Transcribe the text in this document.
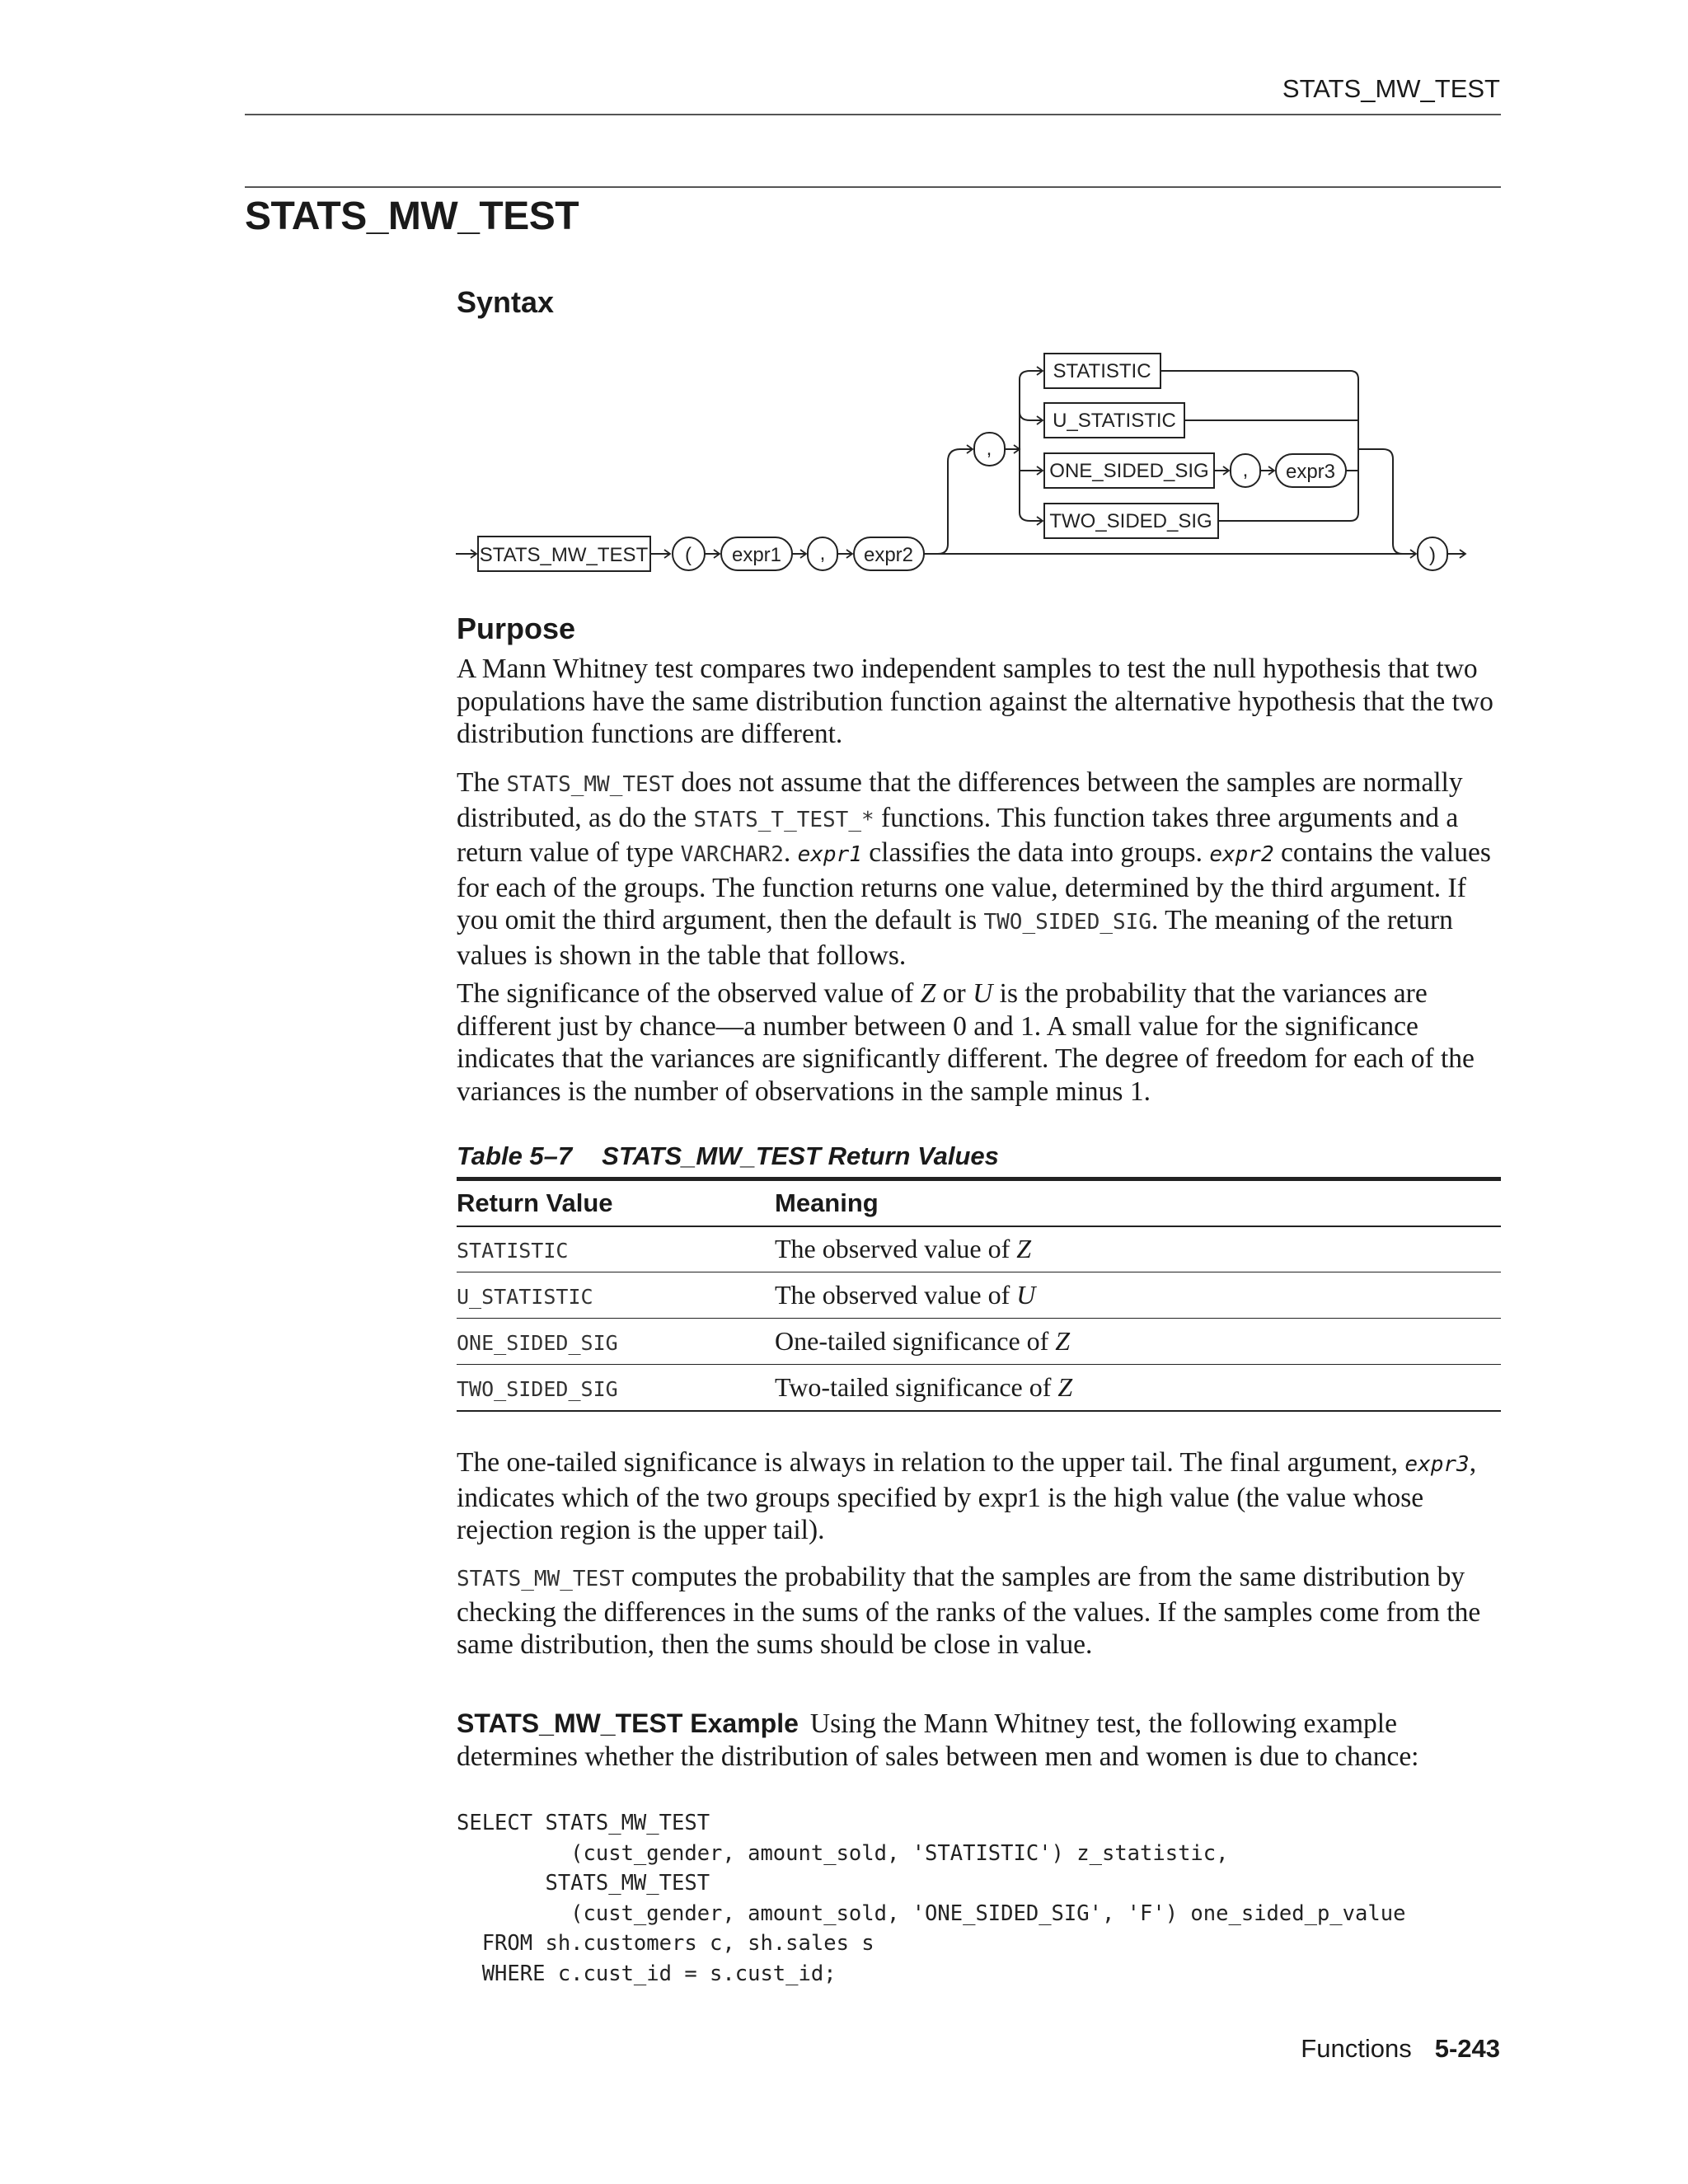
STATS_MW_TEST
STATS_MW_TEST
Syntax
STATS_MW_TEST ( expr1 , expr2
,
STATISTIC
U_STATISTIC
ONE_SIDED_SIG
TWO_SIDED_SIG
, expr3
)
Purpose

A Mann Whitney test compares two independent samples to test the null hypothesis that two populations have the same distribution function against the alternative hypothesis that the two distribution functions are different.

The STATS_MW_TEST does not assume that the differences between the samples are normally distributed, as do the STATS_T_TEST_* functions. This function takes three arguments and a return value of type VARCHAR2. expr1 classifies the data into groups. expr2 contains the values for each of the groups. The function returns one value, determined by the third argument. If you omit the third argument, then the default is TWO_SIDED_SIG. The meaning of the return values is shown in the table that follows.

The significance of the observed value of Z or U is the probability that the variances are different just by chance—a number between 0 and 1. A small value for the significance indicates that the variances are significantly different. The degree of freedom for each of the variances is the number of observations in the sample minus 1.

Table 5–7 STATS_MW_TEST Return Values
Return Value	Meaning
STATISTIC	The observed value of Z
U_STATISTIC	The observed value of U
ONE_SIDED_SIG	One-tailed significance of Z
TWO_SIDED_SIG	Two-tailed significance of Z

The one-tailed significance is always in relation to the upper tail. The final argument, expr3, indicates which of the two groups specified by expr1 is the high value (the value whose rejection region is the upper tail).

STATS_MW_TEST computes the probability that the samples are from the same distribution by checking the differences in the sums of the ranks of the values. If the samples come from the same distribution, then the sums should be close in value.

STATS_MW_TEST Example Using the Mann Whitney test, the following example determines whether the distribution of sales between men and women is due to chance:

SELECT STATS_MW_TEST
(cust_gender, amount_sold, 'STATISTIC') z_statistic,
STATS_MW_TEST
(cust_gender, amount_sold, 'ONE_SIDED_SIG', 'F') one_sided_p_value
FROM sh.customers c, sh.sales s
WHERE c.cust_id = s.cust_id;
Functions 5-243
